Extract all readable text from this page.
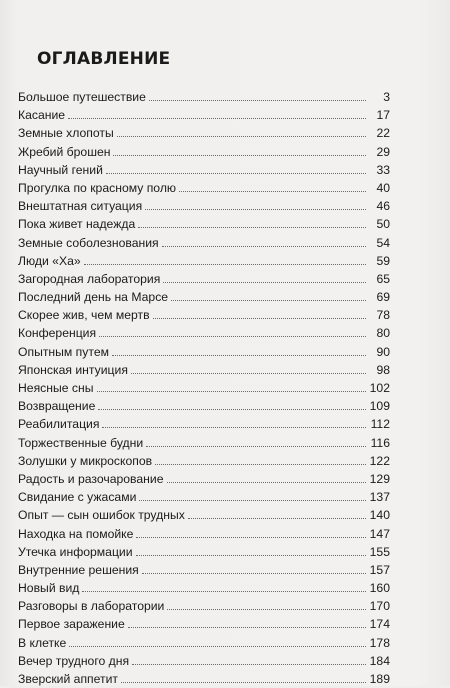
ОГЛАВЛЕНИЕ
Большое путешествие	3
Касание	17
Земные хлопоты	22
Жребий брошен	29
Научный гений	33
Прогулка по красному полю	40
Внештатная ситуация	46
Пока живет надежда	50
Земные соболезнования	54
Люди «Ха»	59
Загородная лаборатория	65
Последний день на Марсе	69
Скорее жив, чем мертв	78
Конференция	80
Опытным путем	90
Японская интуиция	98
Неясные сны	102
Возвращение	109
Реабилитация	112
Торжественные будни	116
Золушки у микроскопов	122
Радость и разочарование	129
Свидание с ужасами	137
Опыт — сын ошибок трудных	140
Находка на помойке	147
Утечка информации	155
Внутренние решения	157
Новый вид	160
Разговоры в лаборатории	170
Первое заражение	174
В клетке	178
Вечер трудного дня	184
Зверский аппетит	189
